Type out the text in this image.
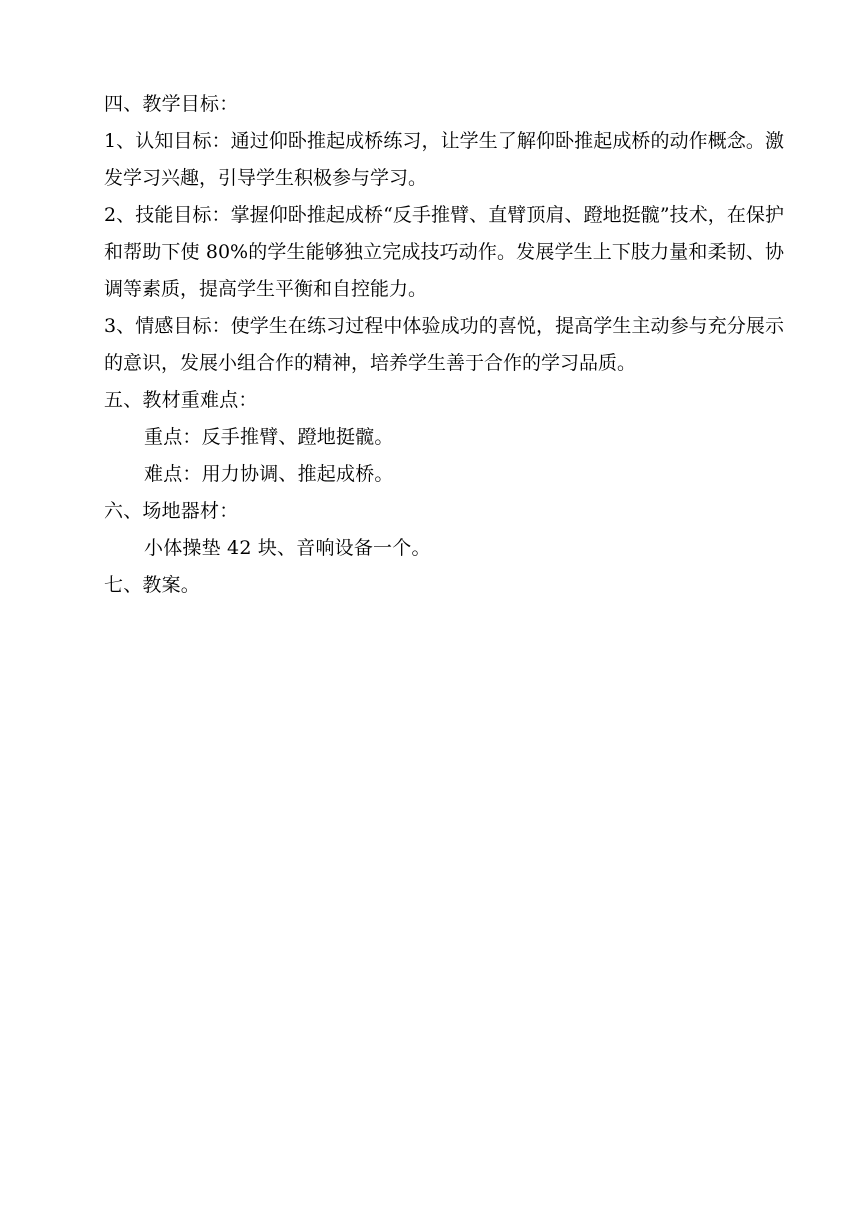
四、教学目标：
1、认知目标：通过仰卧推起成桥练习，让学生了解仰卧推起成桥的动作概念。激发学习兴趣，引导学生积极参与学习。
2、技能目标：掌握仰卧推起成桥“反手推臂、直臂顶肩、蹬地挺髋”技术，在保护和帮助下使 80%的学生能够独立完成技巧动作。发展学生上下肢力量和柔韧、协调等素质，提高学生平衡和自控能力。
3、情感目标：使学生在练习过程中体验成功的喜悦，提高学生主动参与充分展示的意识，发展小组合作的精神，培养学生善于合作的学习品质。
五、教材重难点：
重点：反手推臂、蹬地挺髋。
难点：用力协调、推起成桥。
六、场地器材：
小体操垫 42 块、音响设备一个。
七、教案。
